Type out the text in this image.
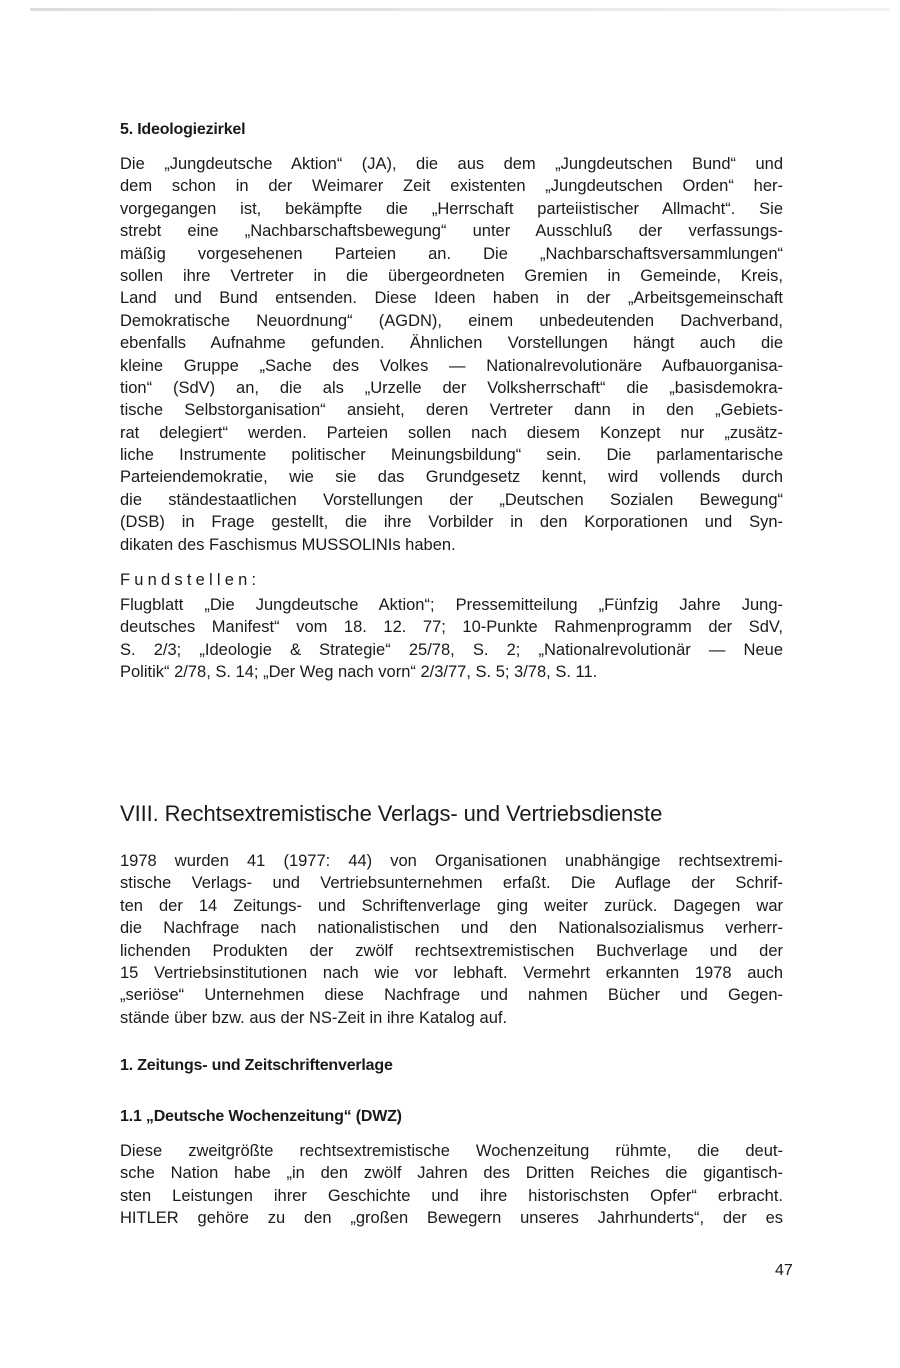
5. Ideologiezirkel
Die „Jungdeutsche Aktion“ (JA), die aus dem „Jungdeutschen Bund“ und
dem schon in der Weimarer Zeit existenten „Jungdeutschen Orden“ her-
vorgegangen ist, bekämpfte die „Herrschaft parteiistischer Allmacht“. Sie
strebt eine „Nachbarschaftsbewegung“ unter Ausschluß der verfassungs-
mäßig vorgesehenen Parteien an. Die „Nachbarschaftsversammlungen“
sollen ihre Vertreter in die übergeordneten Gremien in Gemeinde, Kreis,
Land und Bund entsenden. Diese Ideen haben in der „Arbeitsgemeinschaft
Demokratische Neuordnung“ (AGDN), einem unbedeutenden Dachverband,
ebenfalls Aufnahme gefunden. Ähnlichen Vorstellungen hängt auch die
kleine Gruppe „Sache des Volkes — Nationalrevolutionäre Aufbauorganisa-
tion“ (SdV) an, die als „Urzelle der Volksherrschaft“ die „basisdemokra-
tische Selbstorganisation“ ansieht, deren Vertreter dann in den „Gebiets-
rat delegiert“ werden. Parteien sollen nach diesem Konzept nur „zusätz-
liche Instrumente politischer Meinungsbildung“ sein. Die parlamentarische
Parteiendemokratie, wie sie das Grundgesetz kennt, wird vollends durch
die ständestaatlichen Vorstellungen der „Deutschen Sozialen Bewegung“
(DSB) in Frage gestellt, die ihre Vorbilder in den Korporationen und Syn-
dikaten des Faschismus MUSSOLINIs haben.
Fundstellen:
Flugblatt „Die Jungdeutsche Aktion“; Pressemitteilung „Fünfzig Jahre Jung-
deutsches Manifest“ vom 18. 12. 77; 10-Punkte Rahmenprogramm der SdV,
S. 2/3; „Ideologie & Strategie“ 25/78, S. 2; „Nationalrevolutionär — Neue
Politik“ 2/78, S. 14; „Der Weg nach vorn“ 2/3/77, S. 5; 3/78, S. 11.
VIII. Rechtsextremistische Verlags- und Vertriebsdienste
1978 wurden 41 (1977: 44) von Organisationen unabhängige rechtsextremi-
stische Verlags- und Vertriebsunternehmen erfaßt. Die Auflage der Schrif-
ten der 14 Zeitungs- und Schriftenverlage ging weiter zurück. Dagegen war
die Nachfrage nach nationalistischen und den Nationalsozialismus verherr-
lichenden Produkten der zwölf rechtsextremistischen Buchverlage und der
15 Vertriebsinstitutionen nach wie vor lebhaft. Vermehrt erkannten 1978 auch
„seriöse“ Unternehmen diese Nachfrage und nahmen Bücher und Gegen-
stände über bzw. aus der NS-Zeit in ihre Katalog auf.
1. Zeitungs- und Zeitschriftenverlage
1.1 „Deutsche Wochenzeitung“ (DWZ)
Diese zweitgrößte rechtsextremistische Wochenzeitung rühmte, die deut-
sche Nation habe „in den zwölf Jahren des Dritten Reiches die gigantisch-
sten Leistungen ihrer Geschichte und ihre historischsten Opfer“ erbracht.
HITLER gehöre zu den „großen Bewegern unseres Jahrhunderts“, der es
47
